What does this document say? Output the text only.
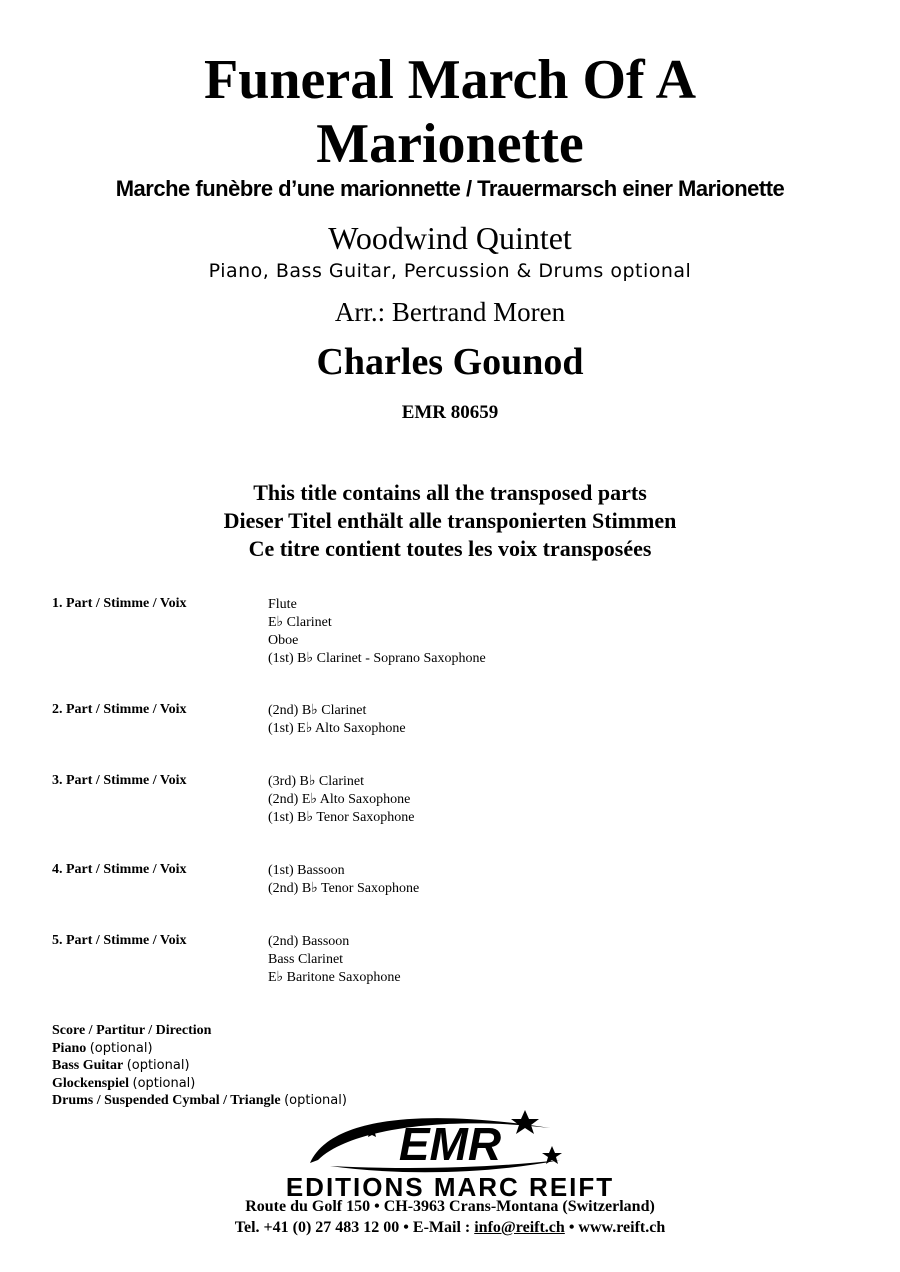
Funeral March Of A
Marionette
Marche funèbre d’une marionnette / Trauermarsch einer Marionette
Woodwind Quintet
Piano, Bass Guitar, Percussion & Drums optional
Arr.: Bertrand Moren
Charles Gounod
EMR 80659
This title contains all the transposed parts
Dieser Titel enthält alle transponierten Stimmen
Ce titre contient toutes les voix transposées
1. Part / Stimme / Voix	Flute
E♭ Clarinet
Oboe
(1st) B♭ Clarinet - Soprano Saxophone
2. Part / Stimme / Voix	(2nd) B♭ Clarinet
(1st) E♭ Alto Saxophone
3. Part / Stimme / Voix	(3rd) B♭ Clarinet
(2nd) E♭ Alto Saxophone
(1st) B♭ Tenor Saxophone
4. Part / Stimme / Voix	(1st) Bassoon
(2nd) B♭ Tenor Saxophone
5. Part / Stimme / Voix	(2nd) Bassoon
Bass Clarinet
E♭ Baritone Saxophone
Score / Partitur / Direction
Piano (optional)
Bass Guitar (optional)
Glockenspiel (optional)
Drums / Suspended Cymbal / Triangle (optional)
EMR
EDITIONS MARC REIFT
Route du Golf 150 • CH-3963 Crans-Montana (Switzerland)
Tel. +41 (0) 27 483 12 00 • E-Mail : info@reift.ch • www.reift.ch
